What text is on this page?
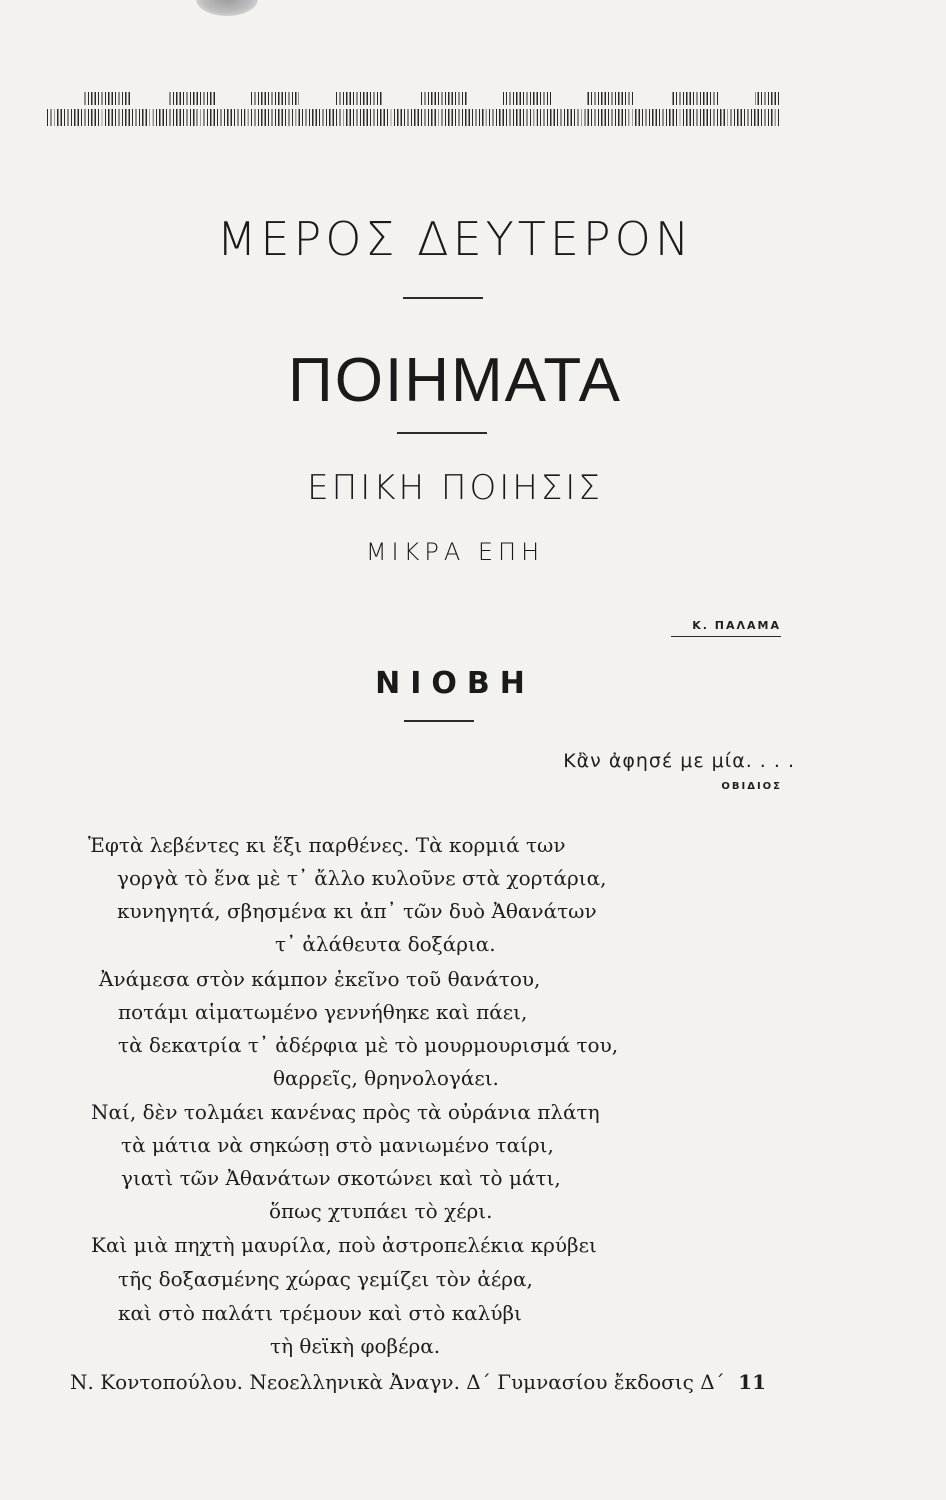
ΜΕΡΟΣ ΔΕΥΤΕΡΟΝ
ΠΟΙΗΜΑΤΑ
ΕΠΙΚΗ ΠΟΙΗΣΙΣ
ΜΙΚΡΑ ΕΠΗ
Κ. ΠΑΛΑΜΑ
ΝΙΟΒΗ
Κἂν ἀφησέ με μία. . . .
ΟΒΙΔΙΟΣ
Ἑφτὰ λεβέντες κι ἕξι παρθένες. Τὰ κορμιά των
γοργὰ τὸ ἕνα μὲ τ᾿ ἄλλο κυλοῦνε στὰ χορτάρια,
κυνηγητά, σβησμένα κι ἀπ᾿ τῶν δυὸ Ἀθανάτων
τ᾿ ἀλάθευτα δοξάρια.
Ἀνάμεσα στὸν κάμπον ἐκεῖνο τοῦ θανάτου,
ποτάμι αἱματωμένο γεννήθηκε καὶ πάει,
τὰ δεκατρία τ᾿ ἀδέρφια μὲ τὸ μουρμουρισμά του,
θαρρεῖς, θρηνολογάει.
Ναί, δὲν τολμάει κανένας πρὸς τὰ οὐράνια πλάτη
τὰ μάτια νὰ σηκώσῃ στὸ μανιωμένο ταίρι,
γιατὶ τῶν Ἀθανάτων σκοτώνει καὶ τὸ μάτι,
ὅπως χτυπάει τὸ χέρι.
Καὶ μιὰ πηχτὴ μαυρίλα, ποὺ ἀστροπελέκια κρύβει
τῆς δοξασμένης χώρας γεμίζει τὸν ἀέρα,
καὶ στὸ παλάτι τρέμουν καὶ στὸ καλύβι
τὴ θεϊκὴ φοβέρα.
Ν. Κοντοπούλου. Νεοελληνικὰ Ἀναγν. Δ΄ Γυμνασίου ἔκδοσις Δ΄ 11
